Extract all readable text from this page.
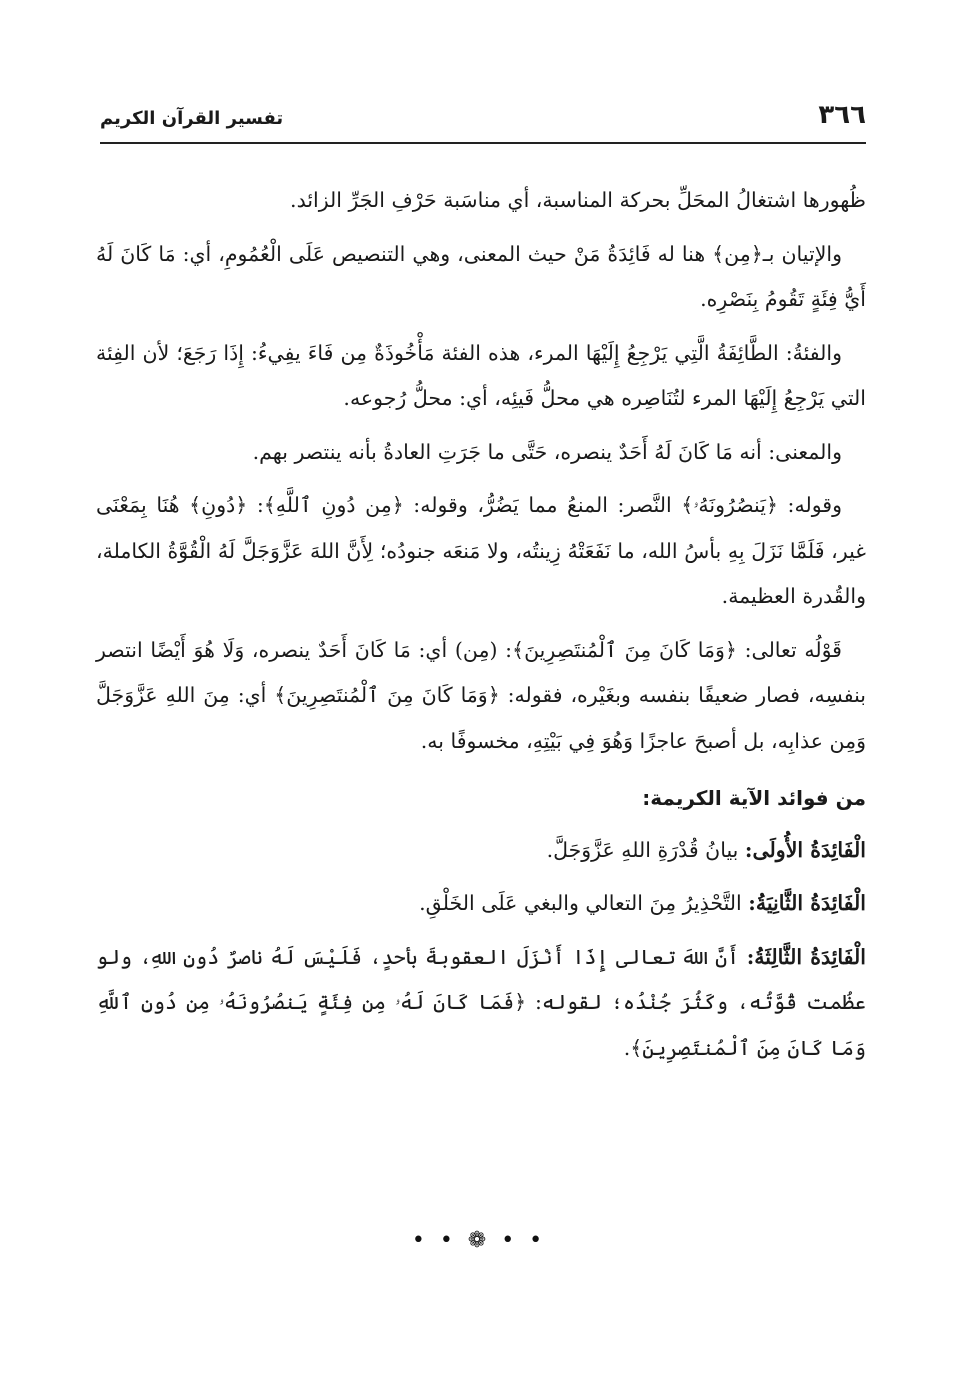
٣٦٦
تفسير القرآن الكريم

ظُهورها اشتغالُ المحَلِّ بحركة المناسبة، أي مناسَبة حَرْفِ الجَرِّ الزائد.

والإتيان بـ﴿مِن﴾ هنا له فَائِدَةُ مَنْ حيث المعنى، وهي التنصيص عَلَى الْعُمُومِ، أي: مَا كَانَ لَهُ أَيُّ فِئَةٍ تَقُومُ بِنَصْرِه.

والفئةُ: الطَّائِفَةُ الَّتِي يَرْجِعُ إِلَيْهَا المرء، هذه الفئة مَأْخُوذَةٌ مِن فَاءَ يفِيءُ: إِذَا رَجَعَ؛ لأن الفِئة التي يَرْجِعُ إِلَيْهَا المرء لتُنَاصِره هي محلُّ فَيئِه، أي: محلُّ رُجوعه.

والمعنى: أنه مَا كَانَ لَهُ أَحَدٌ ينصره، حَتَّى ما جَرَتِ العادةُ بأنه ينتصر بهم.

وقوله: ﴿يَنصُرُونَهُۥ﴾ النَّصر: المنعُ مما يَضُرُّ، وقوله: ﴿مِن دُونِ ٱللَّهِ﴾: ﴿دُونِ﴾ هُنَا بِمَعْنَى غير، فَلَمَّا نَزَلَ بِهِ بأسُ الله، ما نَفَعَتْهُ زِينتُه، ولا مَنعَه جنودُه؛ لِأَنَّ اللهَ عَزَّوَجَلَّ لَهُ الْقُوَّةُ الكاملة، والقُدرة العظيمة.

قَوْلُه تعالى: ﴿وَمَا كَانَ مِنَ ٱلْمُنتَصِرِينَ﴾: (مِن) أي: مَا كَانَ أَحَدٌ ينصره، وَلَا هُوَ أَيْضًا انتصر بنفسِه، فصار ضعيفًا بنفسه وبغَيْره، فقوله: ﴿وَمَا كَانَ مِنَ ٱلْمُنتَصِرِينَ﴾ أي: مِنَ اللهِ عَزَّوَجَلَّ وَمِن عذابِه، بل أصبحَ عاجزًا وَهُوَ فِي بَيْتِهِ، مخسوفًا به.

من فوائد الآية الكريمة:

الْفَائِدَةُ الأُولَى: بيانُ قُدْرَةِ اللهِ عَزَّوَجَلَّ.

الْفَائِدَةُ الثَّانِيَةُ: التَّحْذِيرُ مِنَ التعالي والبغي عَلَى الخَلْقِ.

الْفَائِدَةُ الثَّالِثَةُ: أَنَّ اللهَ تعالى إِذَا أَنْزَلَ العقوبةَ بأحدٍ، فَلَيْسَ لَهُ ناصرٌ دُونِ اللهِ، ولو عظُمت قُوَّتُه، وكَثُرَ جُنْدُه؛ لقوله: ﴿فَمَا كَانَ لَهُۥ مِن فِئَةٍ يَنصُرُونَهُۥ مِن دُونِ ٱللَّهِ وَمَا كَانَ مِنَ ٱلْمُنتَصِرِينَ﴾.

• • ❁ • •
